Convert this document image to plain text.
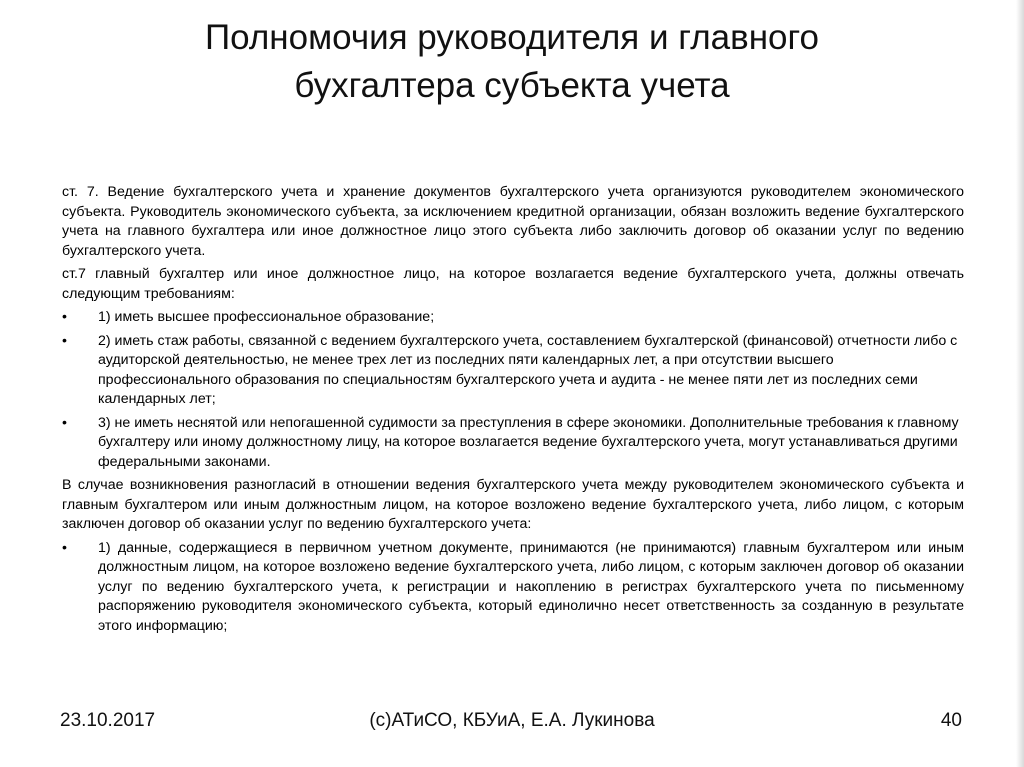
Полномочия руководителя и главного
бухгалтера субъекта учета

ст. 7. Ведение бухгалтерского учета и хранение документов бухгалтерского учета организуются руководителем экономического субъекта. Руководитель экономического субъекта, за исключением кредитной организации, обязан возложить ведение бухгалтерского учета на главного бухгалтера или иное должностное лицо этого субъекта либо заключить договор об оказании услуг по ведению бухгалтерского учета.

ст.7 главный бухгалтер или иное должностное лицо, на которое возлагается ведение бухгалтерского учета, должны отвечать следующим требованиям:

•	1) иметь высшее профессиональное образование;
•	2) иметь стаж работы, связанной с ведением бухгалтерского учета, составлением бухгалтерской (финансовой) отчетности либо с аудиторской деятельностью, не менее трех лет из последних пяти календарных лет, а при отсутствии высшего профессионального образования по специальностям бухгалтерского учета и аудита - не менее пяти лет из последних семи календарных лет;
•	3) не иметь неснятой или непогашенной судимости за преступления в сфере экономики. Дополнительные требования к главному бухгалтеру или иному должностному лицу, на которое возлагается ведение бухгалтерского учета, могут устанавливаться другими федеральными законами.

В случае возникновения разногласий в отношении ведения бухгалтерского учета между руководителем экономического субъекта и главным бухгалтером или иным должностным лицом, на которое возложено ведение бухгалтерского учета, либо лицом, с которым заключен договор об оказании услуг по ведению бухгалтерского учета:

•	1) данные, содержащиеся в первичном учетном документе, принимаются (не принимаются) главным бухгалтером или иным должностным лицом, на которое возложено ведение бухгалтерского учета, либо лицом, с которым заключен договор об оказании услуг по ведению бухгалтерского учета, к регистрации и накоплению в регистрах бухгалтерского учета по письменному распоряжению руководителя экономического субъекта, который единолично несет ответственность за созданную в результате этого информацию;
23.10.2017	(с)АТиСО, КБУиА, Е.А. Лукинова	40
